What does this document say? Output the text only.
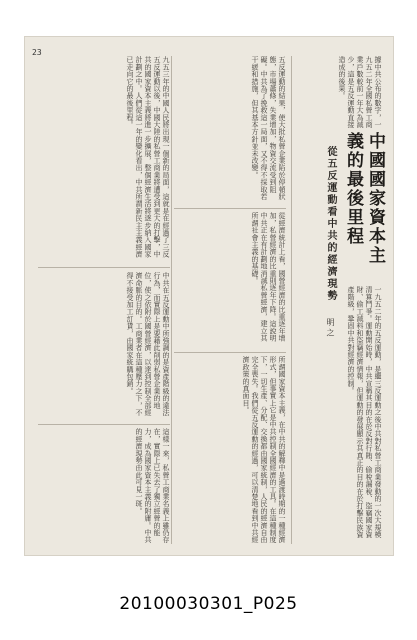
23
中國國家資本主義的最後里程
從五反運動看中共的經濟現勢
明 之
據中共公布的數字，一九五二年全國私營工商業戶數較前一年大為減少，這是五反運動直接造成的後果。
一九五二年的五反運動，是繼三反運動之後中共對私營工商業發動的一次大規模清算鬥爭。運動開始時，中共宣稱其目的在於反對行賄、偷稅漏稅、盜竊國家資財、偷工減料和盜竊經濟情報，但運動的發展顯示其真正的目的在於打擊民族資產階級，鞏固中共對經濟的控制。
五反運動的結果，使大批私營企業陷於停頓狀態，市場蕭條，失業增加，物資交流受到阻礙。中共為了挽救這一局面，又不得不採取若干緩和措施，但其基本方針並未改變。
從經濟統計上看，國營經濟的比重逐年增加，私營經濟的比重則逐年下降。這說明中共正在有計劃地消滅私營經濟，建立其所謂社會主義的基礎。
所謂國家資本主義，在中共的解釋中是過渡時期的一種經濟形式，但事實上它是中共控制全國經濟的工具。在這種制度下，一切生產、分配、交換都由國家統制，人民的經濟自由完全喪失。我們從五反運動的經過，可以清楚地看到中共經濟政策的真面目。
九五三年的中國人民將出現一個新的局面，這就是在經過了三反五反運動以後，中國大陸的私營工商業將遭受到更大的打擊，中共的國家資本主義將進一步擴展，整個經濟生活將逐步納入國家計劃之中。人們從這一年的變化看出，中共所謂新民主主義經濟已走向它的最後里程。
中共在五反運動中所強調的是資產階級的違法行為，而實際上是要藉此削弱私營企業的地位，使之依附於國營經濟，以達到控制全部經濟命脈的目的。工商業者在這種壓力之下，不得不接受加工訂貨，由國家統購包銷。
這樣一來，私營工商業名義上雖仍存在，實際上已失去了獨立經營的能力，成為國家資本主義的附庸。中共的經濟現勢由此可見一斑。
20100030301_P025
